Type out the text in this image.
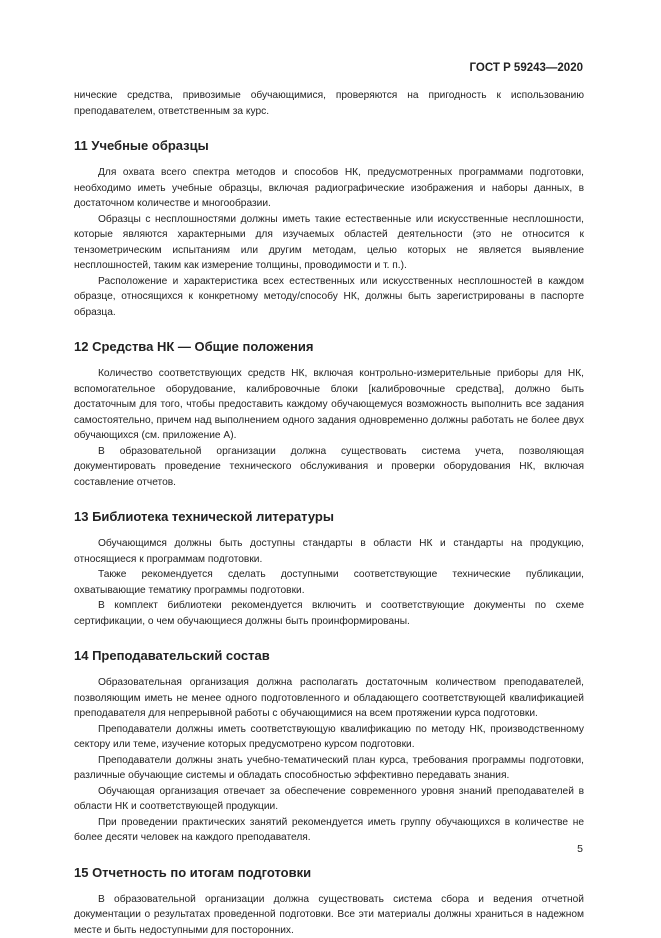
ГОСТ Р 59243—2020

нические средства, привозимые обучающимися, проверяются на пригодность к использованию преподавателем, ответственным за курс.

11 Учебные образцы

Для охвата всего спектра методов и способов НК, предусмотренных программами подготовки, необходимо иметь учебные образцы, включая радиографические изображения и наборы данных, в достаточном количестве и многообразии.

Образцы с несплошностями должны иметь такие естественные или искусственные несплошности, которые являются характерными для изучаемых областей деятельности (это не относится к тензометрическим испытаниям или другим методам, целью которых не является выявление несплошностей, таким как измерение толщины, проводимости и т. п.).

Расположение и характеристика всех естественных или искусственных несплошностей в каждом образце, относящихся к конкретному методу/способу НК, должны быть зарегистрированы в паспорте образца.

12 Средства НК — Общие положения

Количество соответствующих средств НК, включая контрольно-измерительные приборы для НК, вспомогательное оборудование, калибровочные блоки [калибровочные средства], должно быть достаточным для того, чтобы предоставить каждому обучающемуся возможность выполнить все задания самостоятельно, причем над выполнением одного задания одновременно должны работать не более двух обучающихся (см. приложение А).

В образовательной организации должна существовать система учета, позволяющая документировать проведение технического обслуживания и проверки оборудования НК, включая составление отчетов.

13 Библиотека технической литературы

Обучающимся должны быть доступны стандарты в области НК и стандарты на продукцию, относящиеся к программам подготовки.

Также рекомендуется сделать доступными соответствующие технические публикации, охватывающие тематику программы подготовки.

В комплект библиотеки рекомендуется включить и соответствующие документы по схеме сертификации, о чем обучающиеся должны быть проинформированы.

14 Преподавательский состав

Образовательная организация должна располагать достаточным количеством преподавателей, позволяющим иметь не менее одного подготовленного и обладающего соответствующей квалификацией преподавателя для непрерывной работы с обучающимися на всем протяжении курса подготовки.

Преподаватели должны иметь соответствующую квалификацию по методу НК, производственному сектору или теме, изучение которых предусмотрено курсом подготовки.

Преподаватели должны знать учебно-тематический план курса, требования программы подготовки, различные обучающие системы и обладать способностью эффективно передавать знания.

Обучающая организация отвечает за обеспечение современного уровня знаний преподавателей в области НК и соответствующей продукции.

При проведении практических занятий рекомендуется иметь группу обучающихся в количестве не более десяти человек на каждого преподавателя.

15 Отчетность по итогам подготовки

В образовательной организации должна существовать система сбора и ведения отчетной документации о результатах проведенной подготовки. Все эти материалы должны храниться в надежном месте и быть недоступными для посторонних.

5
